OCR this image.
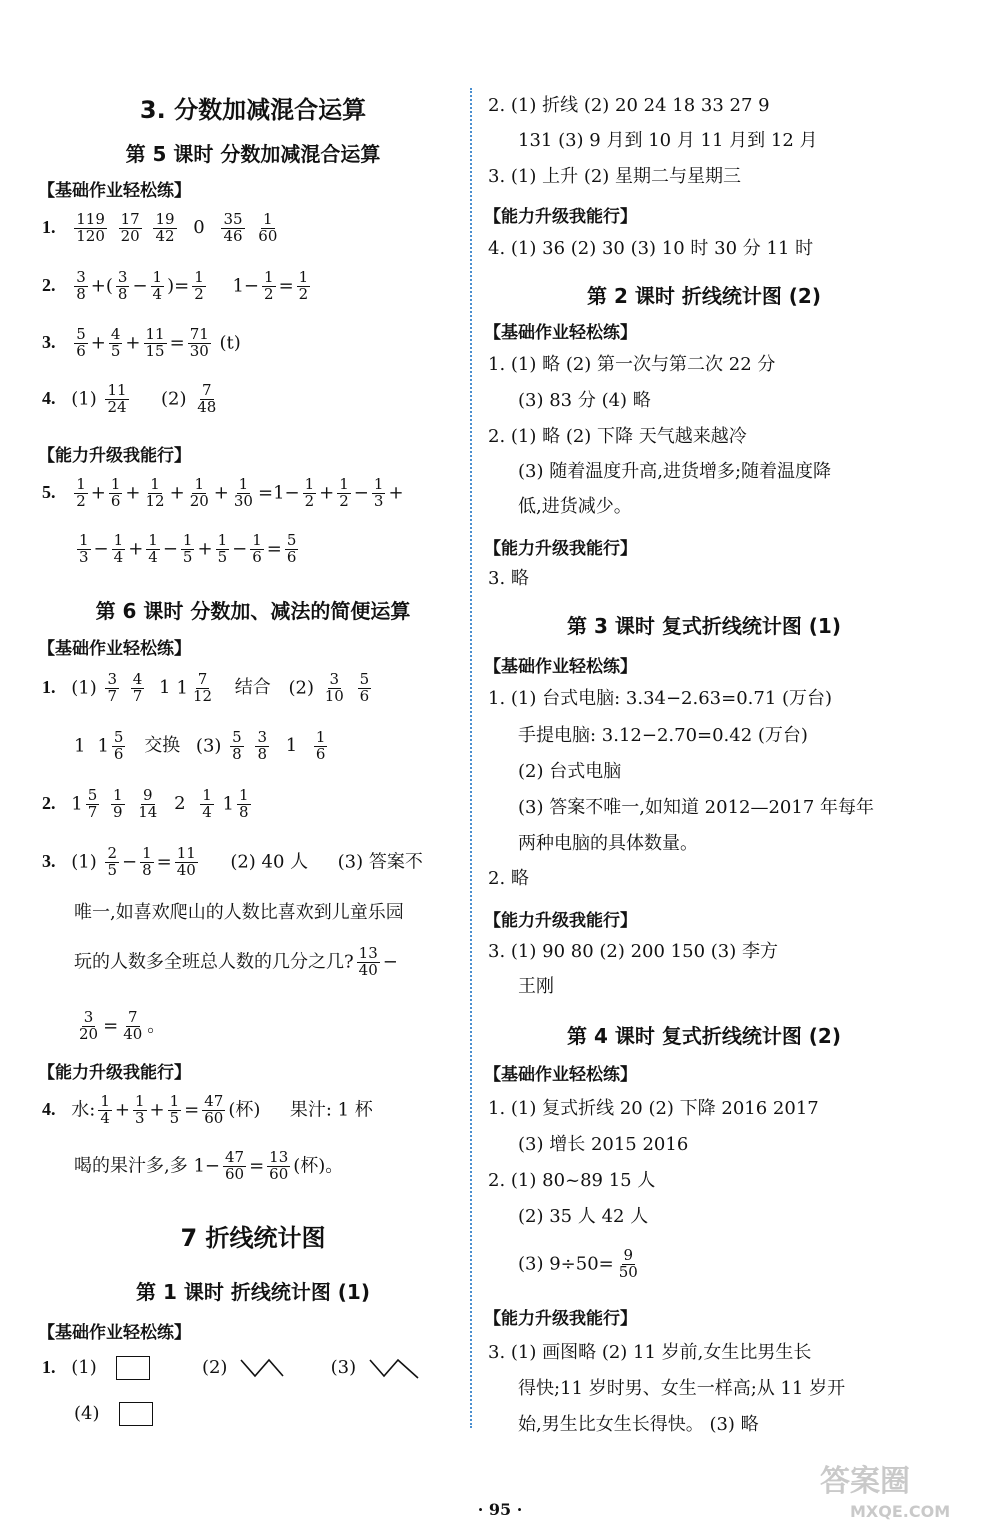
3. 分数加减混合运算
第 5 课时 分数加减混合运算
【基础作业轻松练】
1. $\frac{119}{120}$
$\frac{17}{20}$
$\frac{19}{42} 0 \frac{35}{46}$
$\frac{1}{60}$
2. $\frac{3}{8}$ +( $\frac{3}{8} - \frac{1}{4}$ )= $\frac{1}{2} 1- \frac{1}{2} = \frac{1}{2}$
3. $\frac{5}{6} + \frac{4}{5} + \frac{11}{15} = \frac{71}{30} (t)$
4. $(1) \frac{11}{24} (2) \frac{7}{48}$
【能力升级我能行】
5. $\frac{1}{2} + \frac{1}{6} + \frac{1}{12} + \frac{1}{20} + \frac{1}{30} =1- \frac{1}{2} + \frac{1}{2} - \frac{1}{3}$ +
$\frac{1}{3} - \frac{1}{4} + \frac{1}{4} - \frac{1}{5} + \frac{1}{5} - \frac{1}{6} = \frac{5}{6}$
第 6 课时 分数加、减法的简便运算
【基础作业轻松练】
1. $(1) \frac{3}{7}$
$\frac{4}{7} 1$ $1 \frac{7}{12}$ 结合 $(2) \frac{3}{10}$
$\frac{5}{6}$
1 $1 \frac{5}{6}$ 交换 $(3) \frac{5}{8}$
$\frac{3}{8} 1 \frac{1}{6}$
2. $1 \frac{5}{7}$
$\frac{1}{9}$
$\frac{9}{14} 2 \frac{1}{4} 1 \frac{1}{8}$
3. $(1) \frac{2}{5} - \frac{1}{8} = \frac{11}{40} (2)$ 40 人 (3) 答案不
唯一,如喜欢爬山的人数比喜欢到儿童乐园
玩的人数多全班总人数的几分之几? $\frac{13}{40}$ −
$\frac{3}{20} = \frac{7}{40}$ 。
【能力升级我能行】
4. 水: $\frac{1}{4} + \frac{1}{3} + \frac{1}{5} = \frac{47}{60}$ (杯) 果汁: 1 杯
喝的果汁多,多 $1- \frac{47}{60} = \frac{13}{60}$ (杯)。
7 折线统计图
第 1 课时 折线统计图 (1)
【基础作业轻松练】
1. (1)	(2)	(3)
(4)
2. (1) 折线 (2) 20 24 18 33 27 9
131 (3) 9 月到 10 月 11 月到 12 月
3. (1) 上升 (2) 星期二与星期三
【能力升级我能行】
4. (1) 36 (2) 30 (3) 10 时 30 分 11 时
第 2 课时 折线统计图 (2)
【基础作业轻松练】
1. (1) 略 (2) 第一次与第二次 22 分
(3) 83 分 (4) 略
2. (1) 略 (2) 下降 天气越来越冷
(3) 随着温度升高,进货增多;随着温度降
低,进货减少。
【能力升级我能行】
3. 略
第 3 课时 复式折线统计图 (1)
【基础作业轻松练】
1. (1) 台式电脑: 3.34−2.63=0.71 (万台)
手提电脑: 3.12−2.70=0.42 (万台)
(2) 台式电脑
(3) 答案不唯一,如知道 2012—2017 年每年
两种电脑的具体数量。
2. 略
【能力升级我能行】
3. (1) 90 80 (2) 200 150 (3) 李方
王刚
第 4 课时 复式折线统计图 (2)
【基础作业轻松练】
1. (1) 复式折线 20 (2) 下降 2016 2017
(3) 增长 2015 2016
2. (1) 80~89 15 人
(2) 35 人 42 人
(3) $9\div 50= \frac{9}{50}$
【能力升级我能行】
3. (1) 画图略 (2) 11 岁前,女生比男生长
得快;11 岁时男、女生一样高;从 11 岁开
始,男生比女生长得快。 (3) 略
· 95 ·
答案圈
MXQE.COM
